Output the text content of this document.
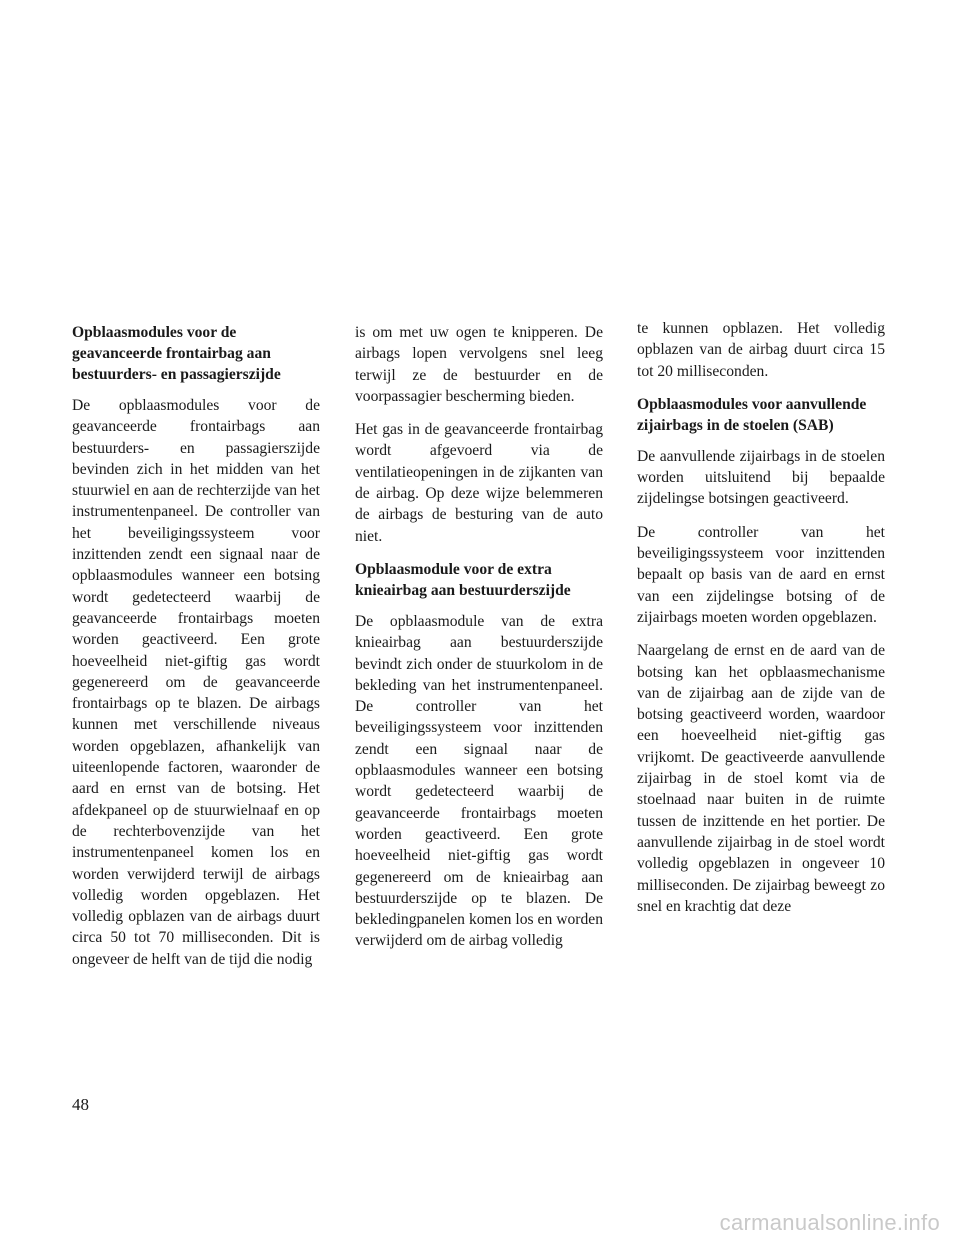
Opblaasmodules voor de geavanceerde frontairbag aan bestuurders- en passagierszijde

De opblaasmodules voor de geavanceerde frontairbags aan bestuurders- en passagierszijde bevinden zich in het midden van het stuurwiel en aan de rechterzijde van het instrumentenpaneel. De controller van het beveiligingssysteem voor inzittenden zendt een signaal naar de opblaasmodules wanneer een botsing wordt gedetecteerd waarbij de geavanceerde frontairbags moeten worden geactiveerd. Een grote hoeveelheid niet-giftig gas wordt gegenereerd om de geavanceerde frontairbags op te blazen. De airbags kunnen met verschillende niveaus worden opgeblazen, afhankelijk van uiteenlopende factoren, waaronder de aard en ernst van de botsing. Het afdekpaneel op de stuurwielnaaf en op de rechterbovenzijde van het instrumentenpaneel komen los en worden verwijderd terwijl de airbags volledig worden opgeblazen. Het volledig opblazen van de airbags duurt circa 50 tot 70 milliseconden. Dit is ongeveer de helft van de tijd die nodig

is om met uw ogen te knipperen. De airbags lopen vervolgens snel leeg terwijl ze de bestuurder en de voorpassagier bescherming bieden.

Het gas in de geavanceerde frontairbag wordt afgevoerd via de ventilatieopeningen in de zijkanten van de airbag. Op deze wijze belemmeren de airbags de besturing van de auto niet.

Opblaasmodule voor de extra knieairbag aan bestuurderszijde

De opblaasmodule van de extra knieairbag aan bestuurderszijde bevindt zich onder de stuurkolom in de bekleding van het instrumentenpaneel. De controller van het beveiligingssysteem voor inzittenden zendt een signaal naar de opblaasmodules wanneer een botsing wordt gedetecteerd waarbij de geavanceerde frontairbags moeten worden geactiveerd. Een grote hoeveelheid niet-giftig gas wordt gegenereerd om de knieairbag aan bestuurderszijde op te blazen. De bekledingpanelen komen los en worden verwijderd om de airbag volledig

te kunnen opblazen. Het volledig opblazen van de airbag duurt circa 15 tot 20 milliseconden.

Opblaasmodules voor aanvullende zijairbags in de stoelen (SAB)

De aanvullende zijairbags in de stoelen worden uitsluitend bij bepaalde zijdelingse botsingen geactiveerd.

De controller van het beveiligingssysteem voor inzittenden bepaalt op basis van de aard en ernst van een zijdelingse botsing of de zijairbags moeten worden opgeblazen.

Naargelang de ernst en de aard van de botsing kan het opblaasmechanisme van de zijairbag aan de zijde van de botsing geactiveerd worden, waardoor een hoeveelheid niet-giftig gas vrijkomt. De geactiveerde aanvullende zijairbag in de stoel komt via de stoelnaad naar buiten in de ruimte tussen de inzittende en het portier. De aanvullende zijairbag in de stoel wordt volledig opgeblazen in ongeveer 10 milliseconden. De zijairbag beweegt zo snel en krachtig dat deze

48

carmanualsonline.info
